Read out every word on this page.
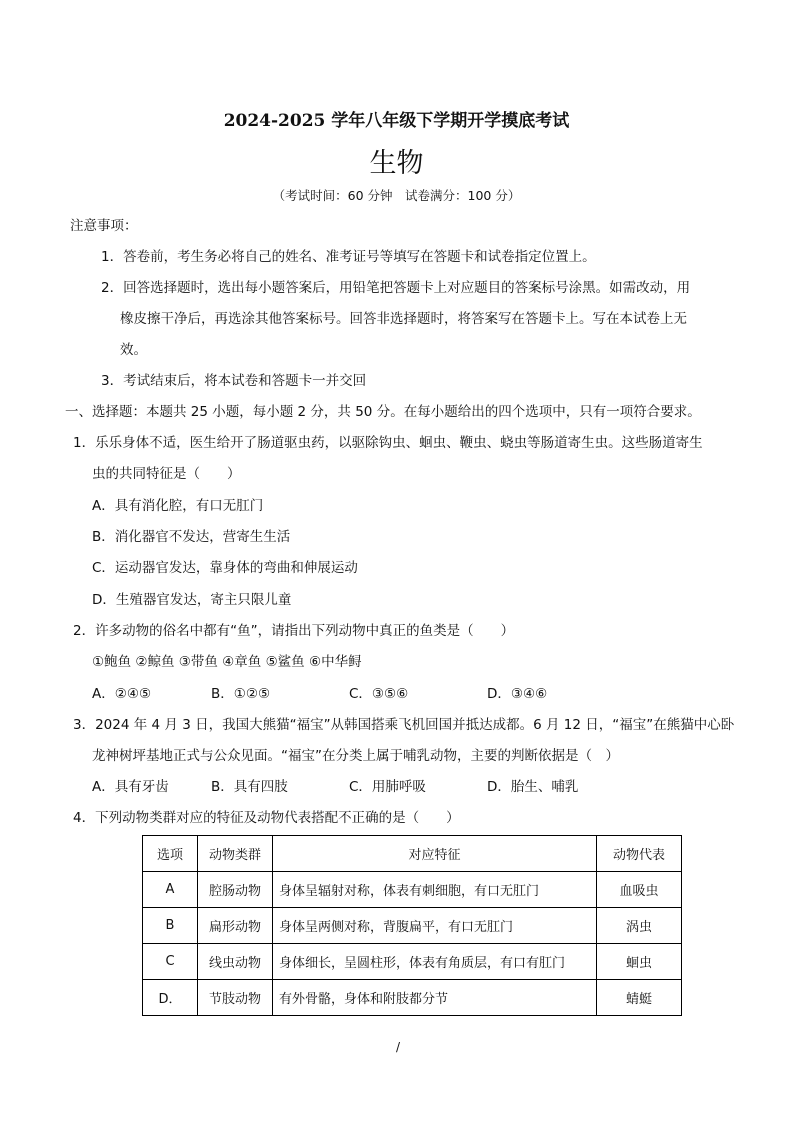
2024-2025 学年八年级下学期开学摸底考试
生物
（考试时间：60 分钟　试卷满分：100 分）
注意事项：
1．答卷前，考生务必将自己的姓名、准考证号等填写在答题卡和试卷指定位置上。
2．回答选择题时，选出每小题答案后，用铅笔把答题卡上对应题目的答案标号涂黑。如需改动，用
橡皮擦干净后，再选涂其他答案标号。回答非选择题时，将答案写在答题卡上。写在本试卷上无
效。
3．考试结束后，将本试卷和答题卡一并交回
一、选择题：本题共 25 小题，每小题 2 分，共 50 分。在每小题给出的四个选项中，只有一项符合要求。
1．乐乐身体不适，医生给开了肠道驱虫药，以驱除钩虫、蛔虫、鞭虫、蛲虫等肠道寄生虫。这些肠道寄生
虫的共同特征是（　　）
A．具有消化腔，有口无肛门
B．消化器官不发达，营寄生生活
C．运动器官发达，靠身体的弯曲和伸展运动
D．生殖器官发达，寄主只限儿童
2．许多动物的俗名中都有“鱼”，请指出下列动物中真正的鱼类是（　　）
①鲍鱼 ②鲸鱼 ③带鱼 ④章鱼 ⑤鲨鱼 ⑥中华鲟
A．②④⑤	B．①②⑤	C．③⑤⑥	D．③④⑥
3．2024 年 4 月 3 日，我国大熊猫“福宝”从韩国搭乘飞机回国并抵达成都。6 月 12 日，“福宝”在熊猫中心卧
龙神树坪基地正式与公众见面。“福宝”在分类上属于哺乳动物，主要的判断依据是（　）
A．具有牙齿	B．具有四肢	C．用肺呼吸	D．胎生、哺乳
4．下列动物类群对应的特征及动物代表搭配不正确的是（　　）
选项	动物类群	对应特征	动物代表
A	腔肠动物	身体呈辐射对称，体表有刺细胞，有口无肛门	血吸虫
B	扁形动物	身体呈两侧对称，背腹扁平，有口无肛门	涡虫
C	线虫动物	身体细长，呈圆柱形，体表有角质层，有口有肛门	蛔虫
D．	节肢动物	有外骨骼，身体和附肢都分节	蜻蜓
/
